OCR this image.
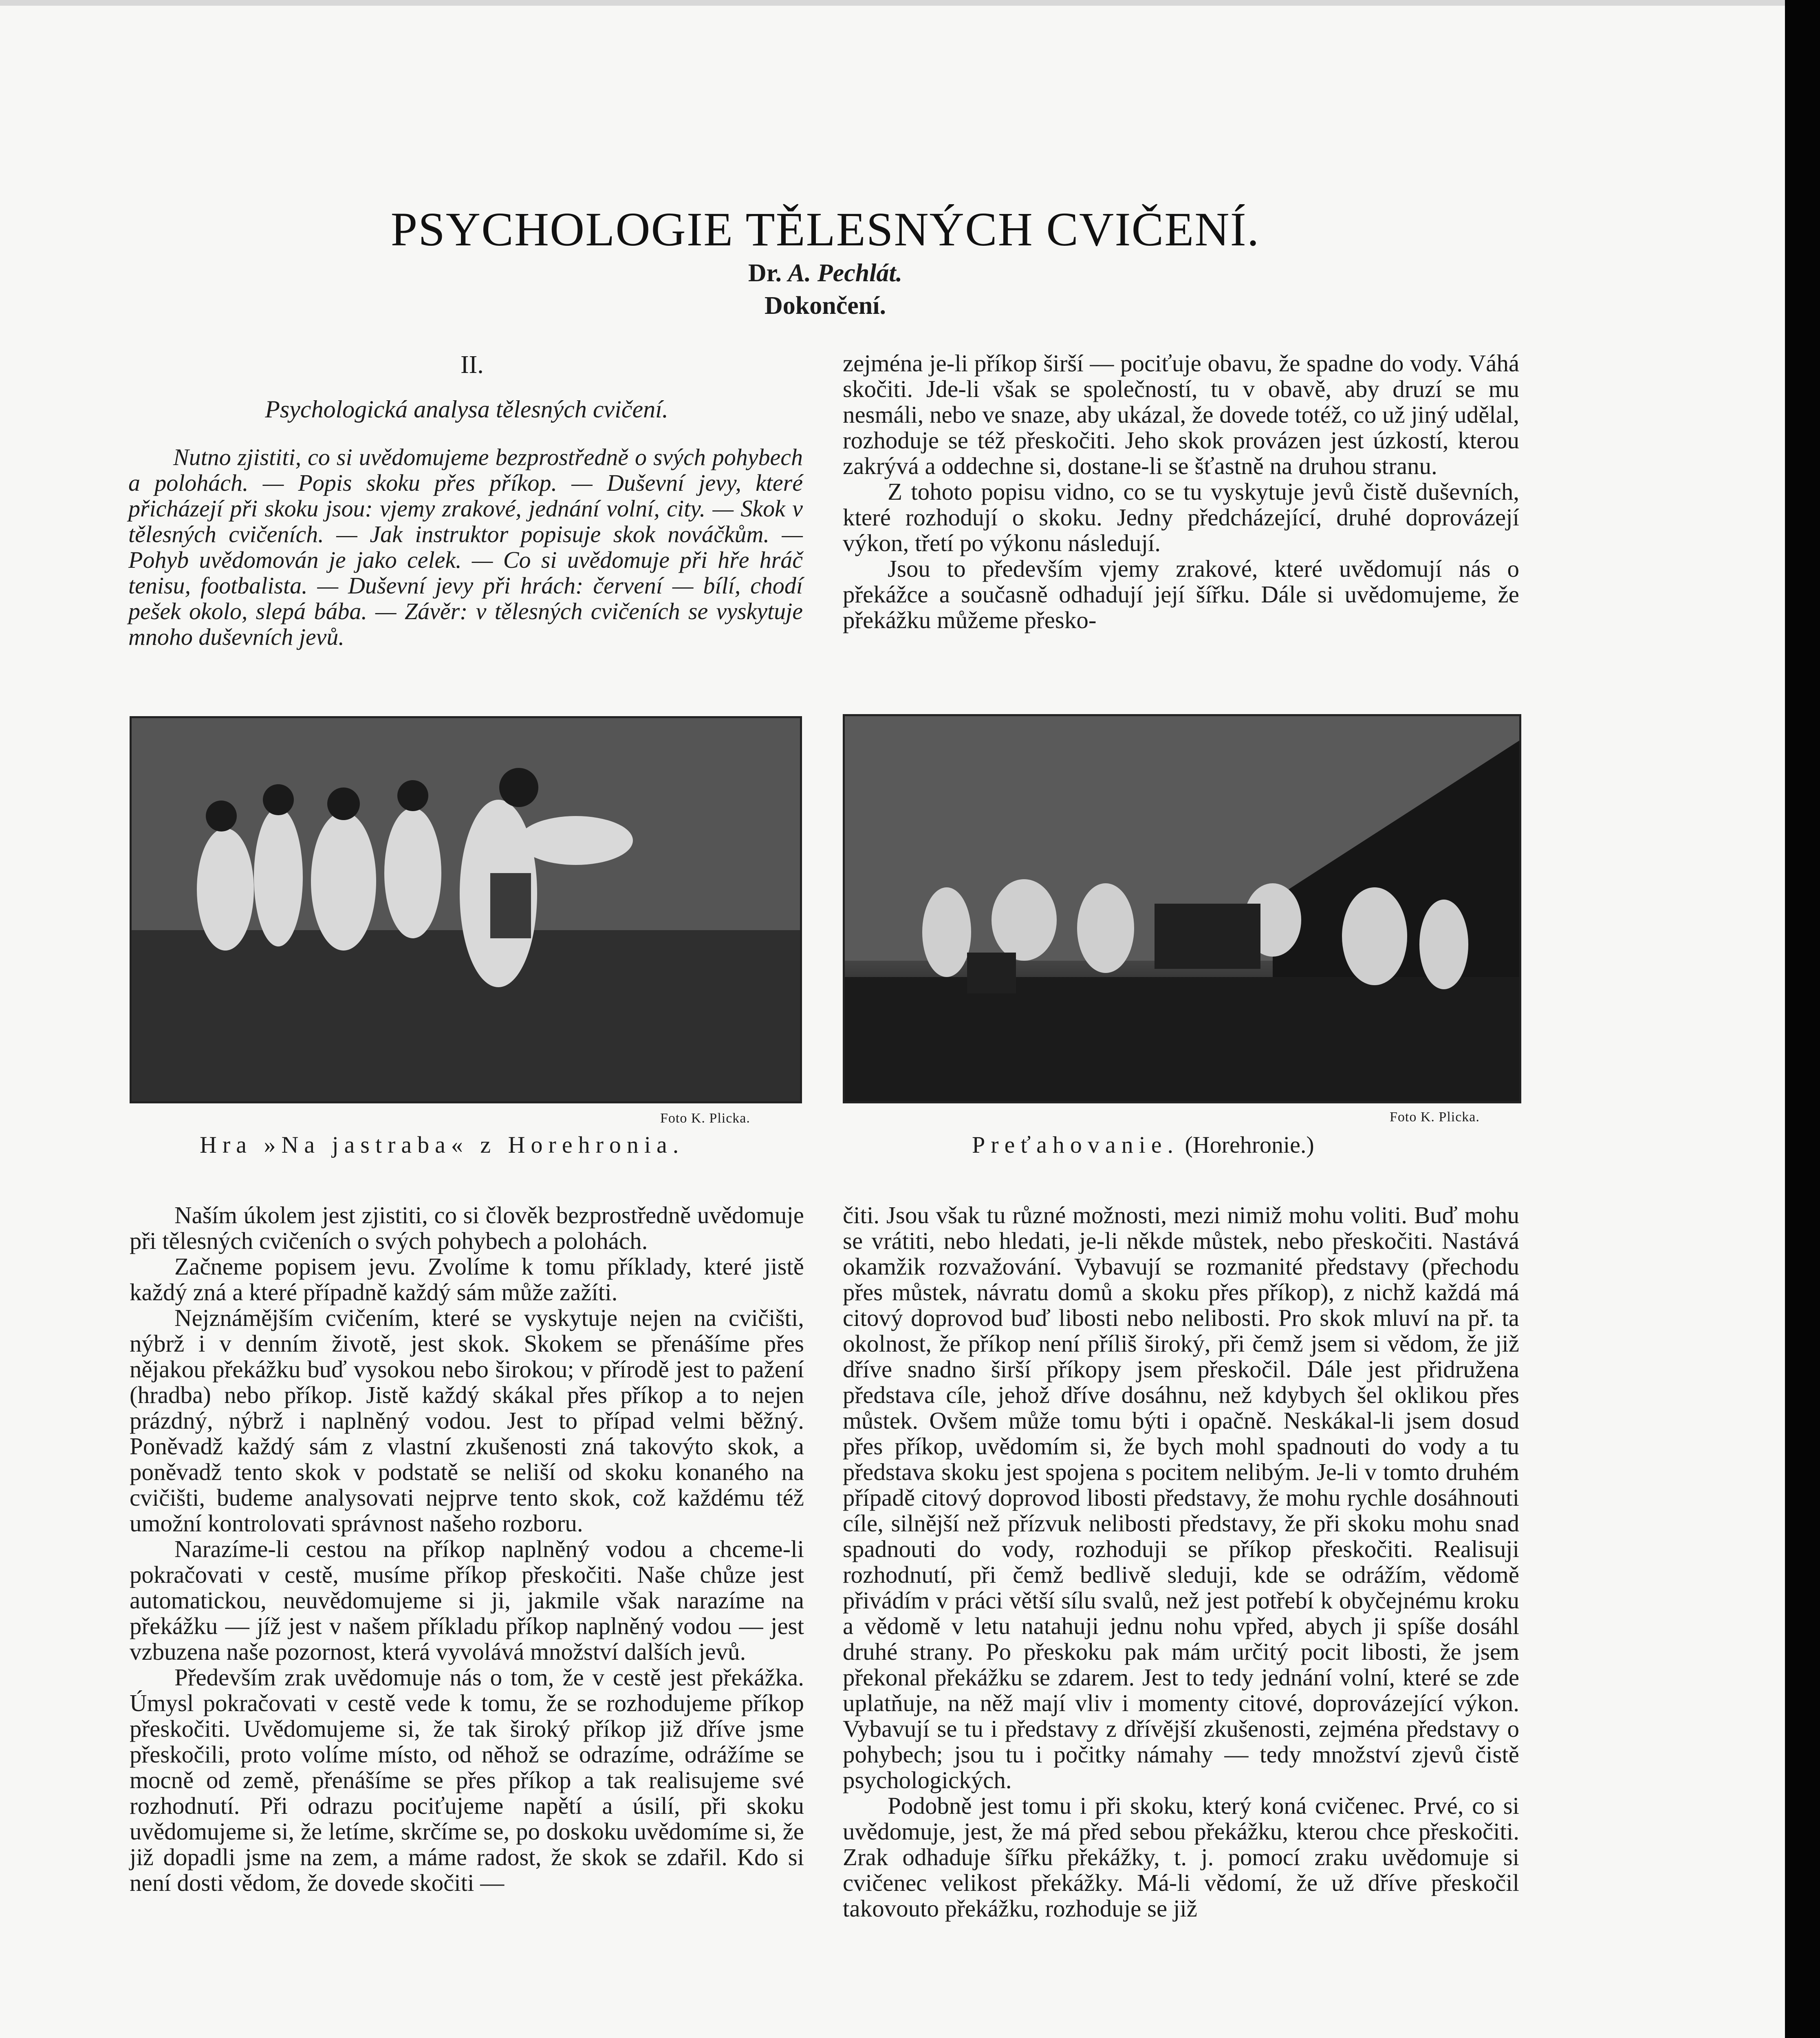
PSYCHOLOGIE TĚLESNÝCH CVIČENÍ.
Dr. A. Pechlát.
Dokončení.
II.
Psychologická analysa tělesných cvičení.

Nutno zjistiti, co si uvědomujeme bezprostředně o svých pohybech a polohách. — Popis skoku přes příkop. — Duševní jevy, které přicházejí při skoku jsou: vjemy zrakové, jednání volní, city. — Skok v tělesných cvičeních. — Jak instruktor popisuje skok nováčkům. — Pohyb uvědomován je jako celek. — Co si uvědomuje při hře hráč tenisu, footbalista. — Duševní jevy při hrách: červení — bílí, chodí pešek okolo, slepá bába. — Závěr: v tělesných cvičeních se vyskytuje mnoho duševních jevů.

zejména je-li příkop širší — pociťuje obavu, že spadne do vody. Váhá skočiti. Jde-li však se společností, tu v obavě, aby druzí se mu nesmáli, nebo ve snaze, aby ukázal, že dovede totéž, co už jiný udělal, rozhoduje se též přeskočiti. Jeho skok provázen jest úzkostí, kterou zakrývá a oddechne si, dostane-li se šťastně na druhou stranu.

Z tohoto popisu vidno, co se tu vyskytuje jevů čistě duševních, které rozhodují o skoku. Jedny předcházející, druhé doprovázejí výkon, třetí po výkonu následují.

Jsou to především vjemy zrakové, které uvědomují nás o překážce a současně odhadují její šířku. Dále si uvědomujeme, že překážku můžeme přesko-

Foto K. Plicka.
Hra »Na jastraba« z Horehronia.
Foto K. Plicka.
Preťahovanie. (Horehronie.)

Naším úkolem jest zjistiti, co si člověk bezprostředně uvědomuje při tělesných cvičeních o svých pohybech a polohách.

Začneme popisem jevu. Zvolíme k tomu příklady, které jistě každý zná a které případně každý sám může zažíti.

Nejznámějším cvičením, které se vyskytuje nejen na cvičišti, nýbrž i v denním životě, jest skok. Skokem se přenášíme přes nějakou překážku buď vysokou nebo širokou; v přírodě jest to pažení (hradba) nebo příkop. Jistě každý skákal přes příkop a to nejen prázdný, nýbrž i naplněný vodou. Jest to případ velmi běžný. Poněvadž každý sám z vlastní zkušenosti zná takovýto skok, a poněvadž tento skok v podstatě se neliší od skoku konaného na cvičišti, budeme analysovati nejprve tento skok, což každému též umožní kontrolovati správnost našeho rozboru.

Narazíme-li cestou na příkop naplněný vodou a chceme-li pokračovati v cestě, musíme příkop přeskočiti. Naše chůze jest automatickou, neuvědomujeme si ji, jakmile však narazíme na překážku — jíž jest v našem příkladu příkop naplněný vodou — jest vzbuzena naše pozornost, která vyvolává množství dalších jevů.

Především zrak uvědomuje nás o tom, že v cestě jest překážka. Úmysl pokračovati v cestě vede k tomu, že se rozhodujeme příkop přeskočiti. Uvědomujeme si, že tak široký příkop již dříve jsme přeskočili, proto volíme místo, od něhož se odrazíme, odrážíme se mocně od země, přenášíme se přes příkop a tak realisujeme své rozhodnutí. Při odrazu pociťujeme napětí a úsilí, při skoku uvědomujeme si, že letíme, skrčíme se, po doskoku uvědomíme si, že již dopadli jsme na zem, a máme radost, že skok se zdařil. Kdo si není dosti vědom, že dovede skočiti —

čiti. Jsou však tu různé možnosti, mezi nimiž mohu voliti. Buď mohu se vrátiti, nebo hledati, je-li někde můstek, nebo přeskočiti. Nastává okamžik rozvažování. Vybavují se rozmanité představy (přechodu přes můstek, návratu domů a skoku přes příkop), z nichž každá má citový doprovod buď libosti nebo nelibosti. Pro skok mluví na př. ta okolnost, že příkop není příliš široký, při čemž jsem si vědom, že již dříve snadno širší příkopy jsem přeskočil. Dále jest přidružena představa cíle, jehož dříve dosáhnu, než kdybych šel oklikou přes můstek. Ovšem může tomu býti i opačně. Neskákal-li jsem dosud přes příkop, uvědomím si, že bych mohl spadnouti do vody a tu představa skoku jest spojena s pocitem nelibým. Je-li v tomto druhém případě citový doprovod libosti představy, že mohu rychle dosáhnouti cíle, silnější než přízvuk nelibosti představy, že při skoku mohu snad spadnouti do vody, rozhoduji se příkop přeskočiti. Realisuji rozhodnutí, při čemž bedlivě sleduji, kde se odrážím, vědomě přivádím v práci větší sílu svalů, než jest potřebí k obyčejnému kroku a vědomě v letu natahuji jednu nohu vpřed, abych ji spíše dosáhl druhé strany. Po přeskoku pak mám určitý pocit libosti, že jsem překonal překážku se zdarem. Jest to tedy jednání volní, které se zde uplatňuje, na něž mají vliv i momenty citové, doprovázející výkon. Vybavují se tu i představy z dřívější zkušenosti, zejména představy o pohybech; jsou tu i počitky námahy — tedy množství zjevů čistě psychologických.

Podobně jest tomu i při skoku, který koná cvičenec. Prvé, co si uvědomuje, jest, že má před sebou překážku, kterou chce přeskočiti. Zrak odhaduje šířku překážky, t. j. pomocí zraku uvědomuje si cvičenec velikost překážky. Má-li vědomí, že už dříve přeskočil takovouto překážku, rozhoduje se již
